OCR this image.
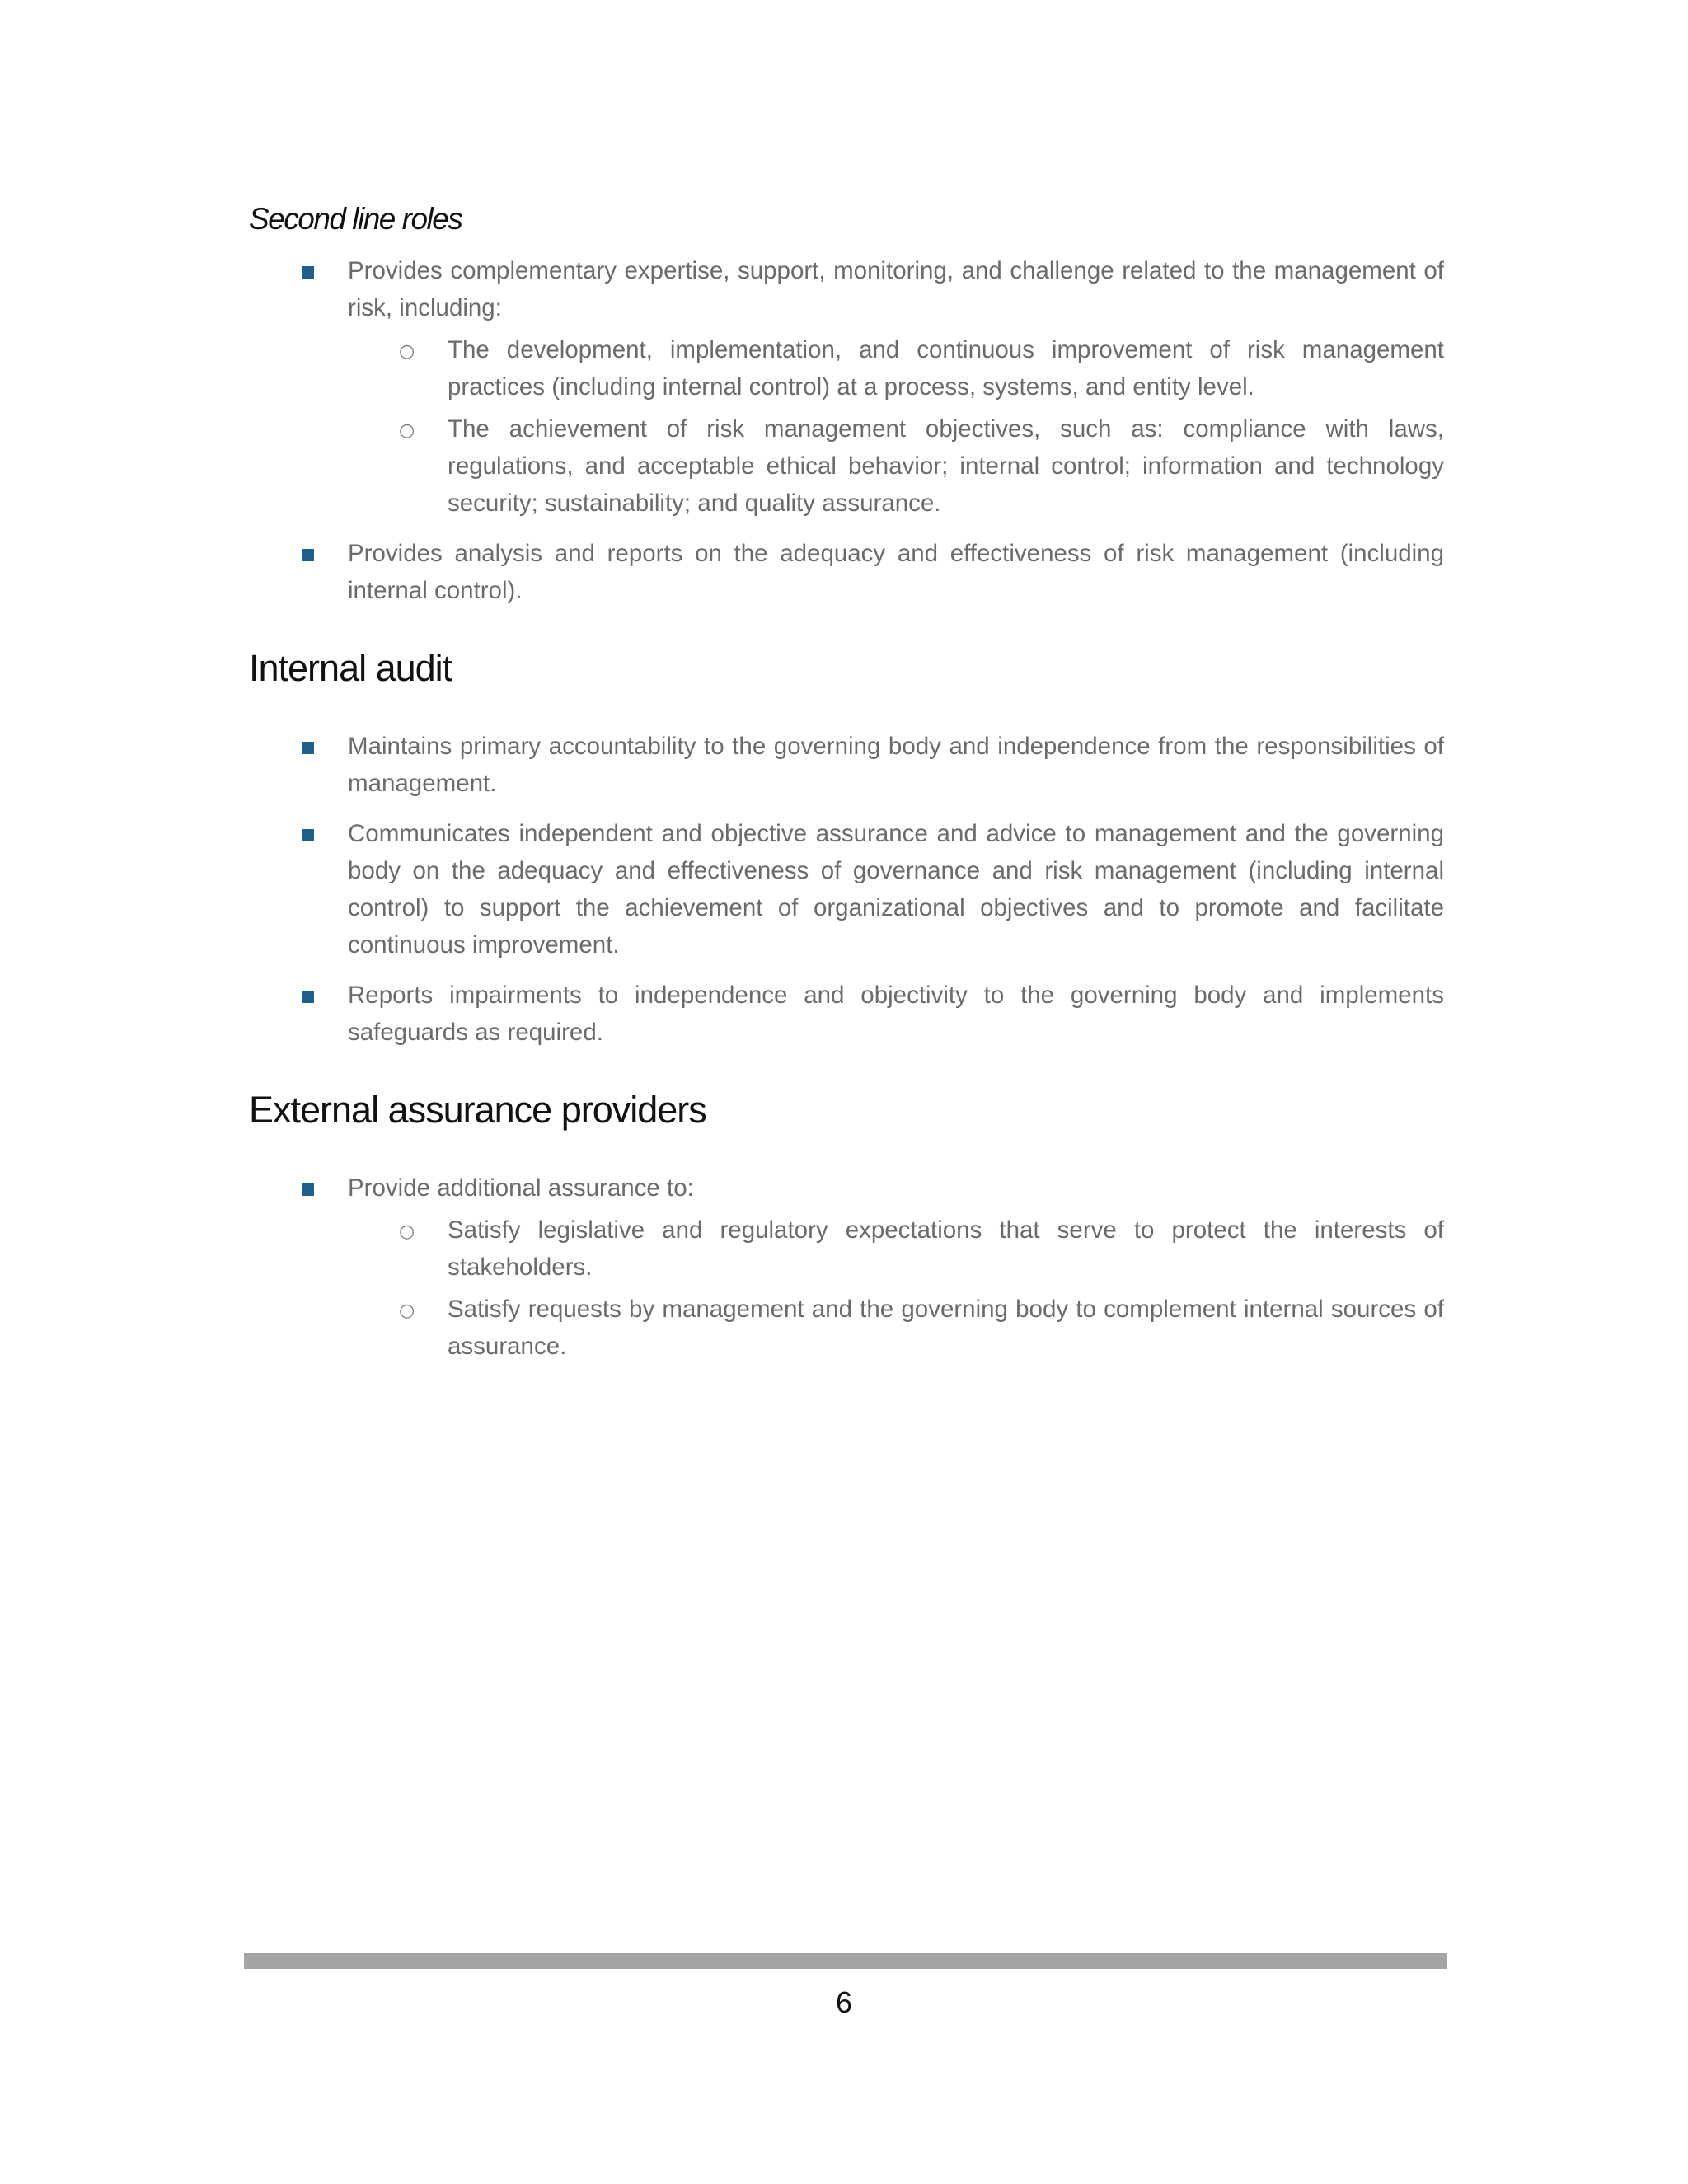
Second line roles
Provides complementary expertise, support, monitoring, and challenge related to the management of risk, including:
○ The development, implementation, and continuous improvement of risk management practices (including internal control) at a process, systems, and entity level.
○ The achievement of risk management objectives, such as: compliance with laws, regulations, and acceptable ethical behavior; internal control; information and technology security; sustainability; and quality assurance.
Provides analysis and reports on the adequacy and effectiveness of risk management (including internal control).
Internal audit
Maintains primary accountability to the governing body and independence from the responsibilities of management.
Communicates independent and objective assurance and advice to management and the governing body on the adequacy and effectiveness of governance and risk management (including internal control) to support the achievement of organizational objectives and to promote and facilitate continuous improvement.
Reports impairments to independence and objectivity to the governing body and implements safeguards as required.
External assurance providers
Provide additional assurance to:
○ Satisfy legislative and regulatory expectations that serve to protect the interests of stakeholders.
○ Satisfy requests by management and the governing body to complement internal sources of assurance.
6
